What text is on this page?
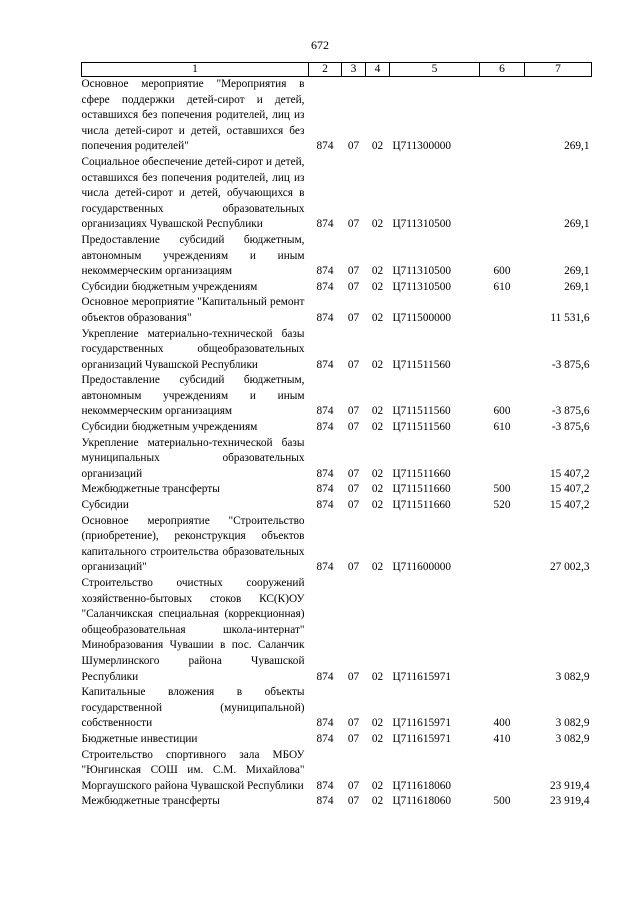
672
1	2	3	4	5	6	7
Основное мероприятие "Мероприятия в сфере поддержки детей-сирот и детей, оставшихся без попечения родителей, лиц из числа детей-сирот и детей, оставшихся без попечения родителей"	874	07	02	Ц711300000		269,1
Социальное обеспечение детей-сирот и детей, оставшихся без попечения родителей, лиц из числа детей-сирот и детей, обучающихся в государственных образовательных организациях Чувашской Республики	874	07	02	Ц711310500		269,1
Предоставление субсидий бюджетным, автономным учреждениям и иным некоммерческим организациям	874	07	02	Ц711310500	600	269,1
Субсидии бюджетным учреждениям	874	07	02	Ц711310500	610	269,1
Основное мероприятие "Капитальный ремонт объектов образования"	874	07	02	Ц711500000		11 531,6
Укрепление материально-технической базы государственных общеобразовательных организаций Чувашской Республики	874	07	02	Ц711511560		-3 875,6
Предоставление субсидий бюджетным, автономным учреждениям и иным некоммерческим организациям	874	07	02	Ц711511560	600	-3 875,6
Субсидии бюджетным учреждениям	874	07	02	Ц711511560	610	-3 875,6
Укрепление материально-технической базы муниципальных образовательных организаций	874	07	02	Ц711511660		15 407,2
Межбюджетные трансферты	874	07	02	Ц711511660	500	15 407,2
Субсидии	874	07	02	Ц711511660	520	15 407,2
Основное мероприятие "Строительство (приобретение), реконструкция объектов капитального строительства образовательных организаций"	874	07	02	Ц711600000		27 002,3
Строительство очистных сооружений хозяйственно-бытовых стоков КС(К)ОУ "Саланчикская специальная (коррекционная) общеобразовательная школа-интернат" Минобразования Чувашии в пос. Саланчик Шумерлинского района Чувашской Республики	874	07	02	Ц711615971		3 082,9
Капитальные вложения в объекты государственной (муниципальной) собственности	874	07	02	Ц711615971	400	3 082,9
Бюджетные инвестиции	874	07	02	Ц711615971	410	3 082,9
Строительство спортивного зала МБОУ "Юнгинская СОШ им. С.М. Михайлова" Моргаушского района Чувашской Республики	874	07	02	Ц711618060		23 919,4
Межбюджетные трансферты	874	07	02	Ц711618060	500	23 919,4
